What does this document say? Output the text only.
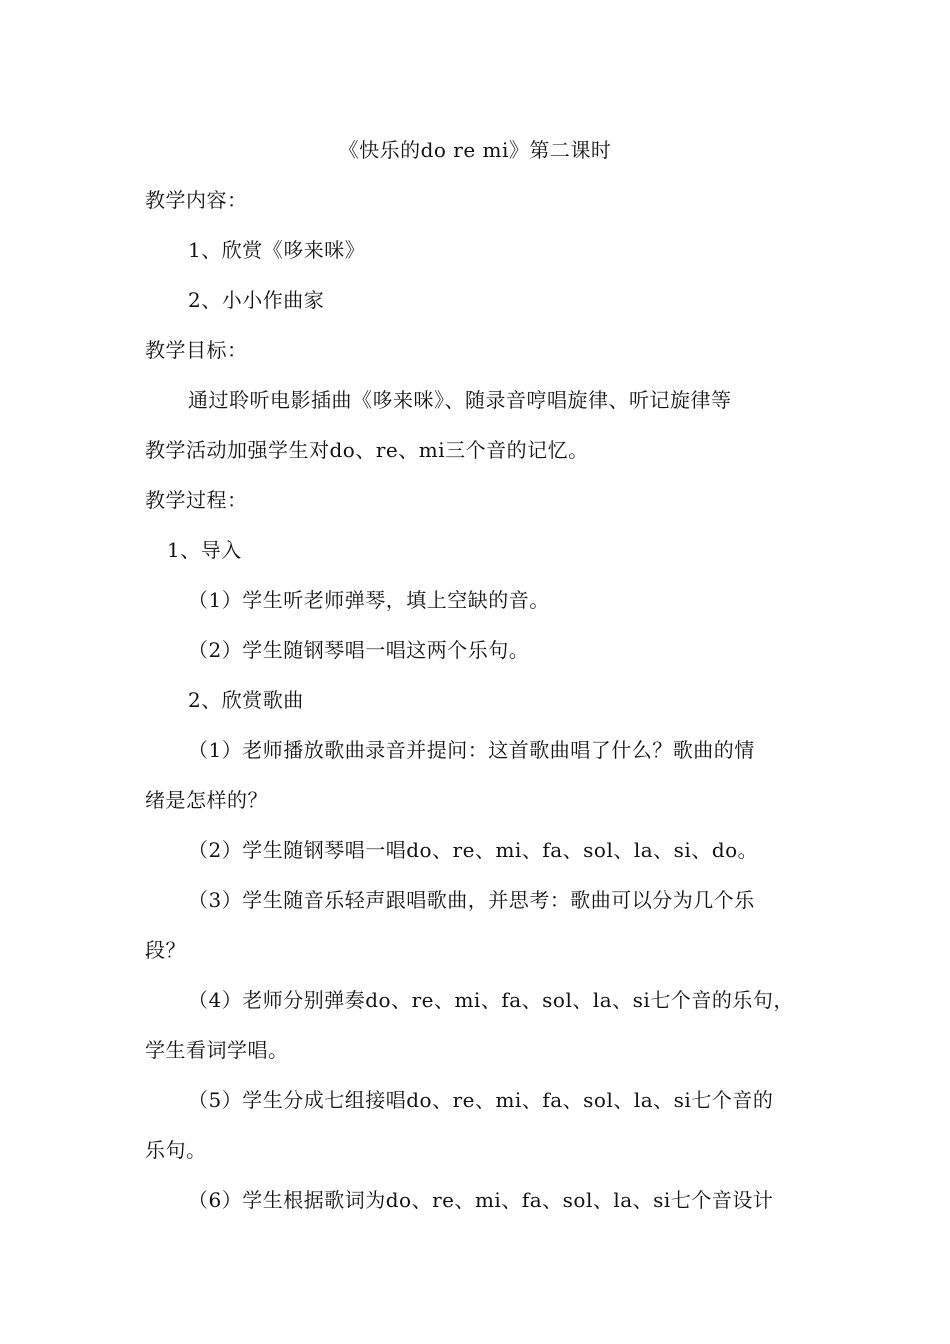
《快乐的do re mi》第二课时
教学内容：
1、欣赏《哆来咪》
2、小小作曲家
教学目标：
通过聆听电影插曲《哆来咪》、随录音哼唱旋律、听记旋律等
教学活动加强学生对do、re、mi三个音的记忆。
教学过程：
1、导入
（1）学生听老师弹琴，填上空缺的音。
（2）学生随钢琴唱一唱这两个乐句。
2、欣赏歌曲
（1）老师播放歌曲录音并提问：这首歌曲唱了什么？歌曲的情
绪是怎样的？
（2）学生随钢琴唱一唱do、re、mi、fa、sol、la、si、do。
（3）学生随音乐轻声跟唱歌曲，并思考：歌曲可以分为几个乐
段？
（4）老师分别弹奏do、re、mi、fa、sol、la、si七个音的乐句，
学生看词学唱。
（5）学生分成七组接唱do、re、mi、fa、sol、la、si七个音的
乐句。
（6）学生根据歌词为do、re、mi、fa、sol、la、si七个音设计
